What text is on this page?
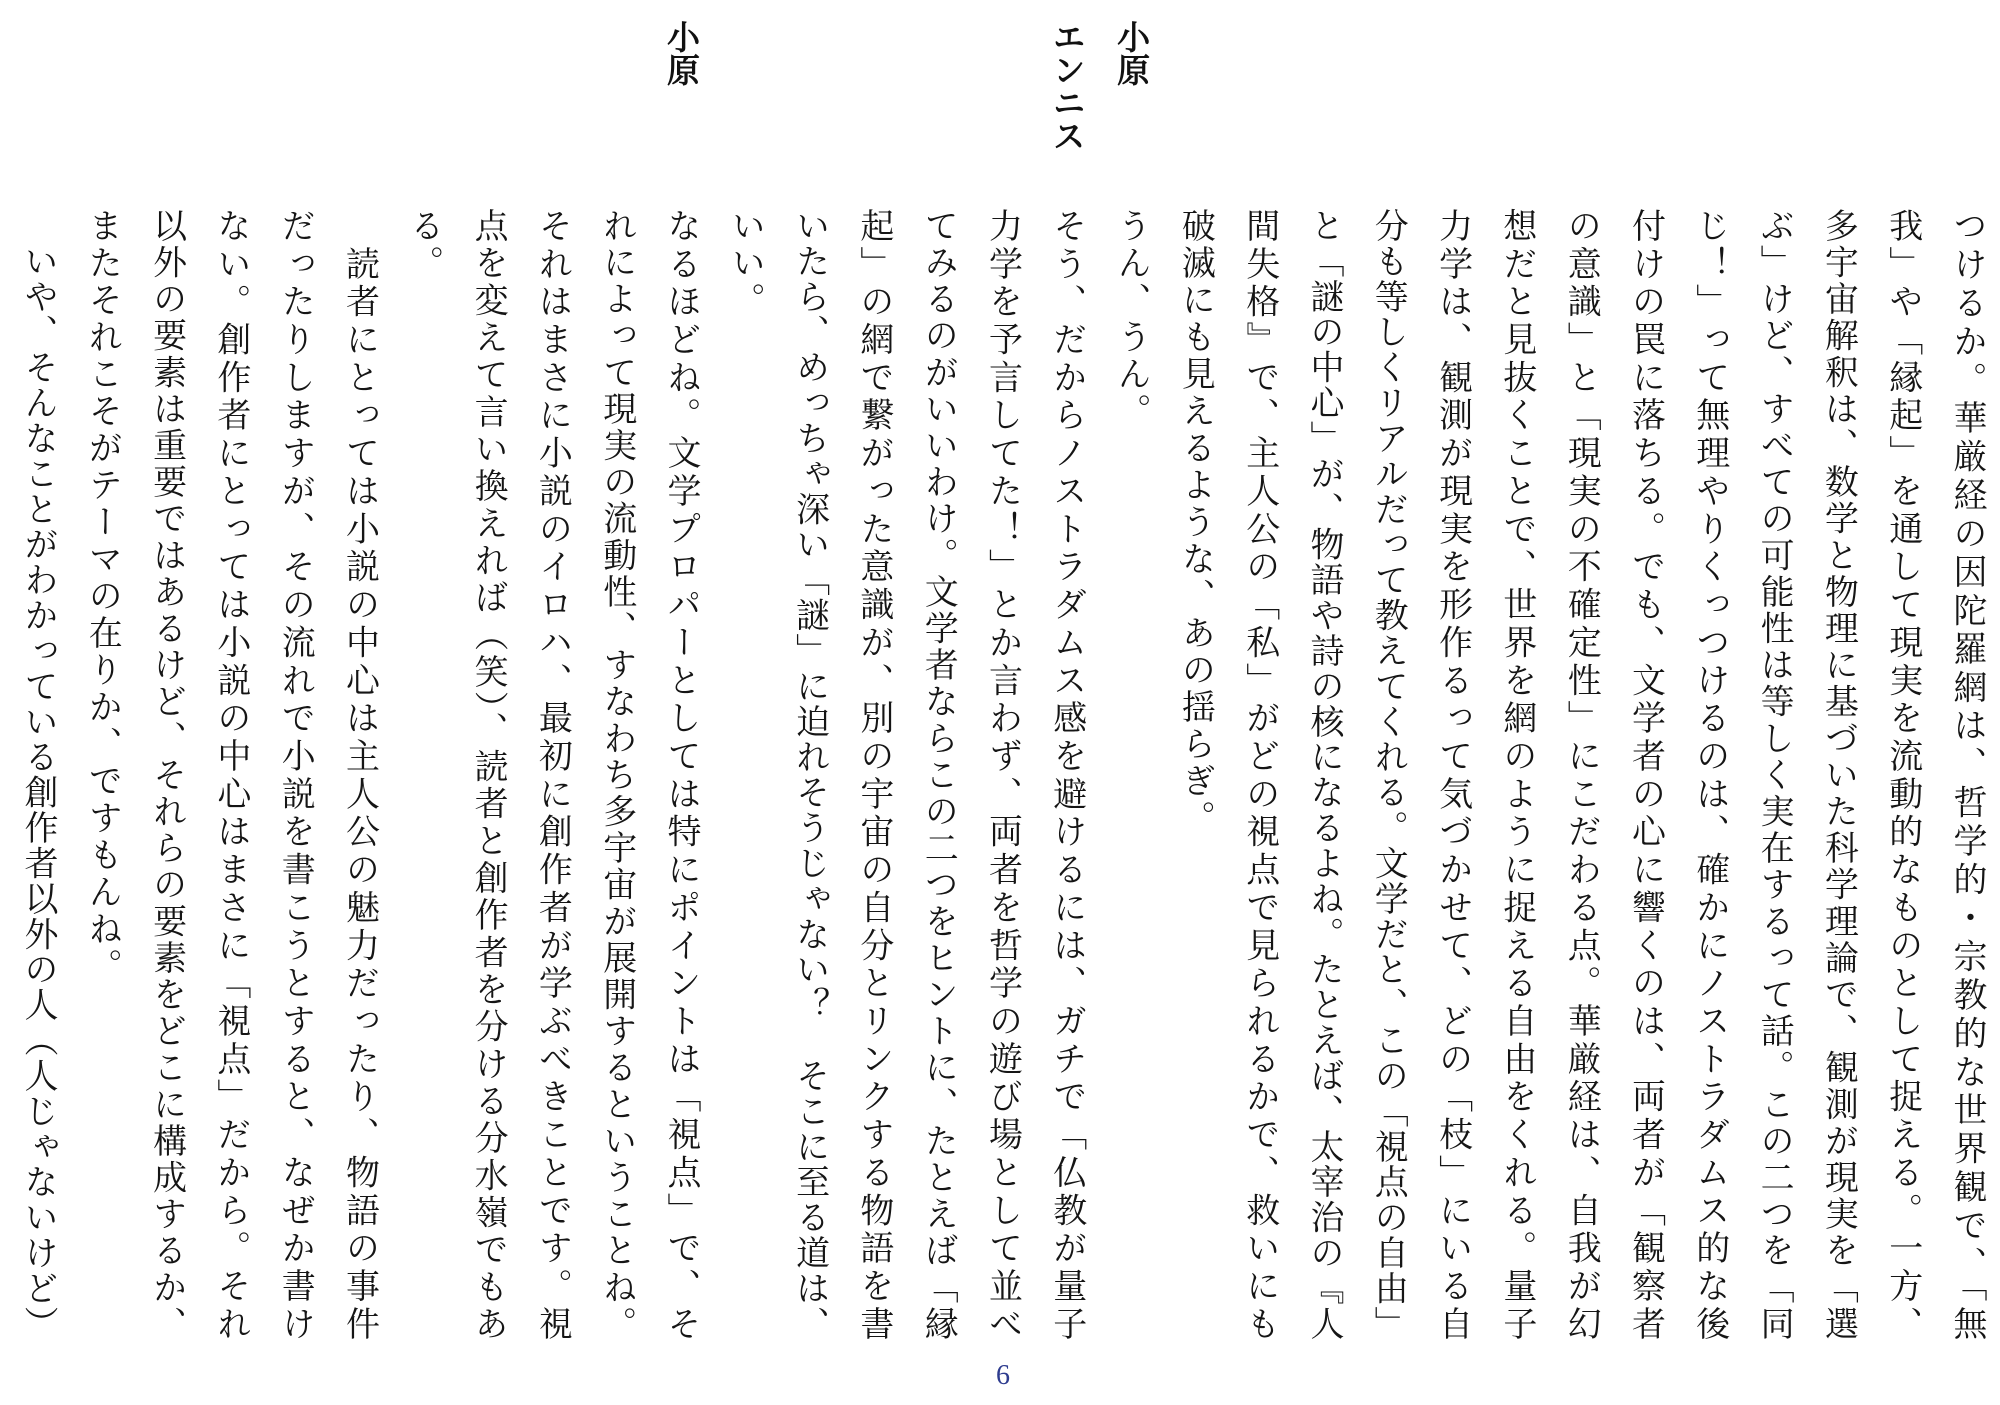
つけるか。華厳経の因陀羅網は、哲学的・宗教的な世界観で、「無
我」や「縁起」を通して現実を流動的なものとして捉える。一方、
多宇宙解釈は、数学と物理に基づいた科学理論で、観測が現実を「選
ぶ」けど、すべての可能性は等しく実在するって話。この二つを「同
じ！」って無理やりくっつけるのは、確かにノストラダムス的な後
付けの罠に落ちる。でも、文学者の心に響くのは、両者が「観察者
の意識」と「現実の不確定性」にこだわる点。華厳経は、自我が幻
想だと見抜くことで、世界を網のように捉える自由をくれる。量子
力学は、観測が現実を形作るって気づかせて、どの「枝」にいる自
分も等しくリアルだって教えてくれる。文学だと、この「視点の自由」
と「謎の中心」が、物語や詩の核になるよね。たとえば、太宰治の『人
間失格』で、主人公の「私」がどの視点で見られるかで、救いにも
破滅にも見えるような、あの揺らぎ。
小原
うん、うん。
エンニス
そう、だからノストラダムス感を避けるには、ガチで「仏教が量子
力学を予言してた！」とか言わず、両者を哲学の遊び場として並べ
てみるのがいいわけ。文学者ならこの二つをヒントに、たとえば「縁
起」の網で繋がった意識が、別の宇宙の自分とリンクする物語を書
いたら、めっちゃ深い「謎」に迫れそうじゃない？　そこに至る道は、
いい。
小原
なるほどね。文学プロパーとしては特にポイントは「視点」で、そ
れによって現実の流動性、すなわち多宇宙が展開するということね。
それはまさに小説のイロハ、最初に創作者が学ぶべきことです。視
点を変えて言い換えれば（笑）、読者と創作者を分ける分水嶺でもあ
る。
　読者にとっては小説の中心は主人公の魅力だったり、物語の事件
だったりしますが、その流れで小説を書こうとすると、なぜか書け
ない。創作者にとっては小説の中心はまさに「視点」だから。それ
以外の要素は重要ではあるけど、それらの要素をどこに構成するか、
またそれこそがテーマの在りか、ですもんね。
　いや、そんなことがわかっている創作者以外の人（人じゃないけど）
6
